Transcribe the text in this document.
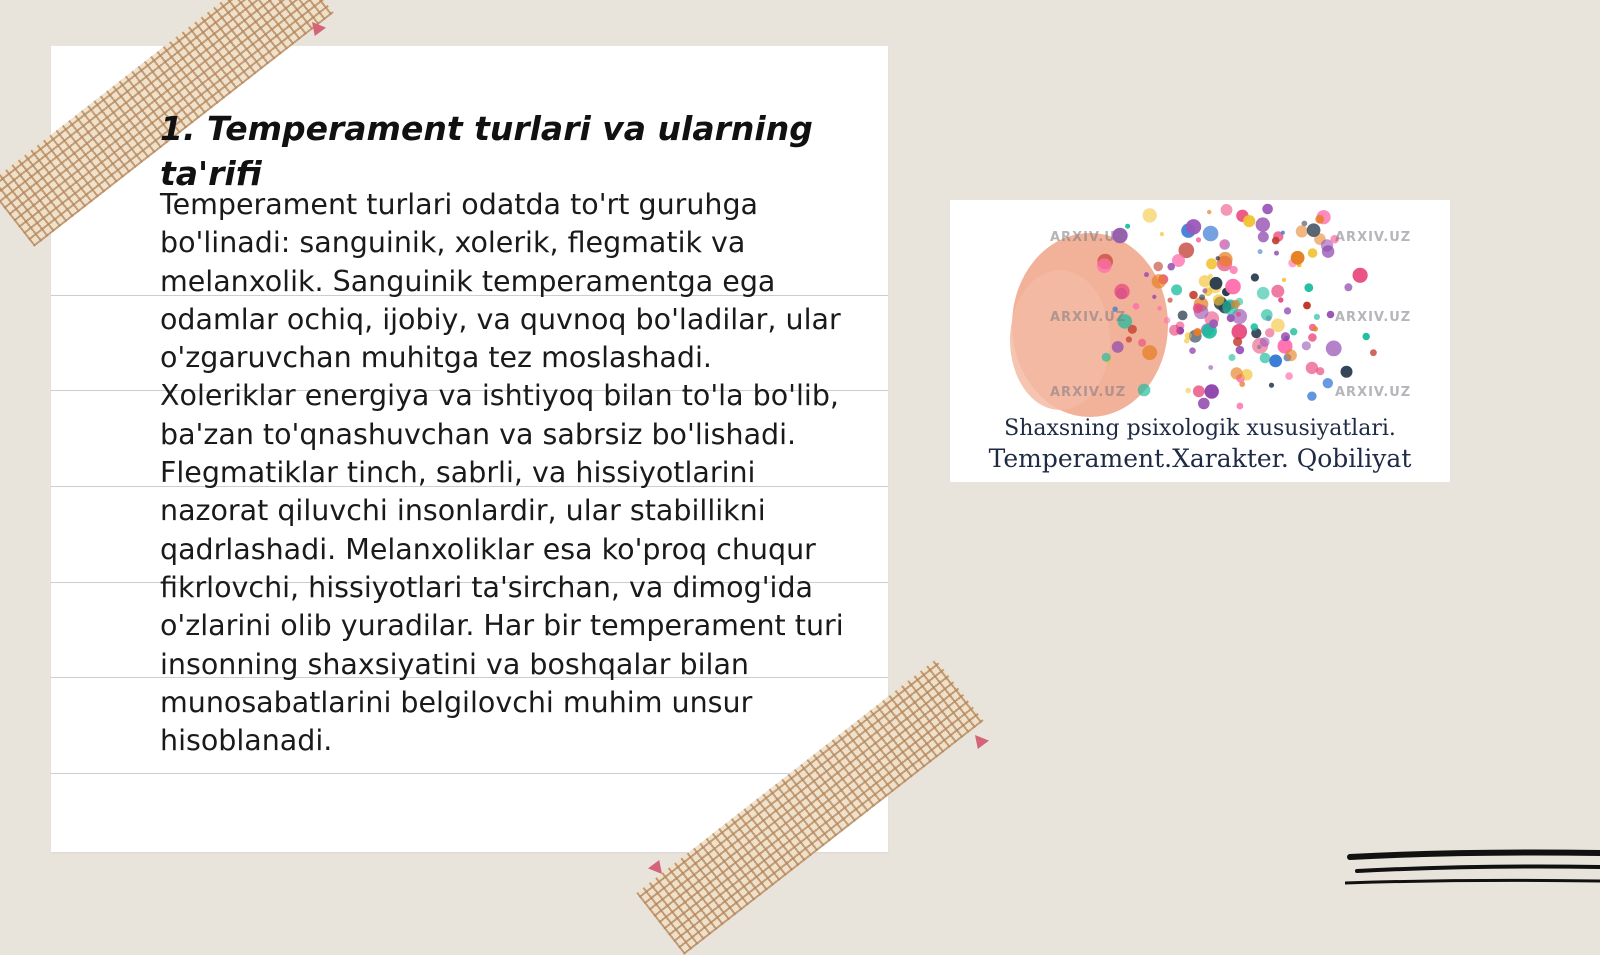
1. Temperament turlari va ularning ta'rifi

Temperament turlari odatda to'rt guruhga bo'linadi: sanguinik, xolerik, flegmatik va melanxolik. Sanguinik temperamentga ega odamlar ochiq, ijobiy, va quvnoq bo'ladilar, ular o'zgaruvchan muhitga tez moslashadi. Xoleriklar energiya va ishtiyoq bilan to'la bo'lib, ba'zan to'qnashuvchan va sabrsiz bo'lishadi. Flegmatiklar tinch, sabrli, va hissiyotlarini nazorat qiluvchi insonlardir, ular stabillikni qadrlashadi. Melanxoliklar esa ko'proq chuqur fikrlovchi, hissiyotlari ta'sirchan, va dimog'ida o'zlarini olib yuradilar. Har bir temperament turi insonning shaxsiyatini va boshqalar bilan munosabatlarini belgilovchi muhim unsur hisoblanadi.

ARXIV.UZ	ARXIV.UZ
ARXIV.UZ	ARXIV.UZ
ARXIV.UZ	ARXIV.UZ
Shaxsning psixologik xususiyatlari.
Temperament.Xarakter. Qobiliyat
